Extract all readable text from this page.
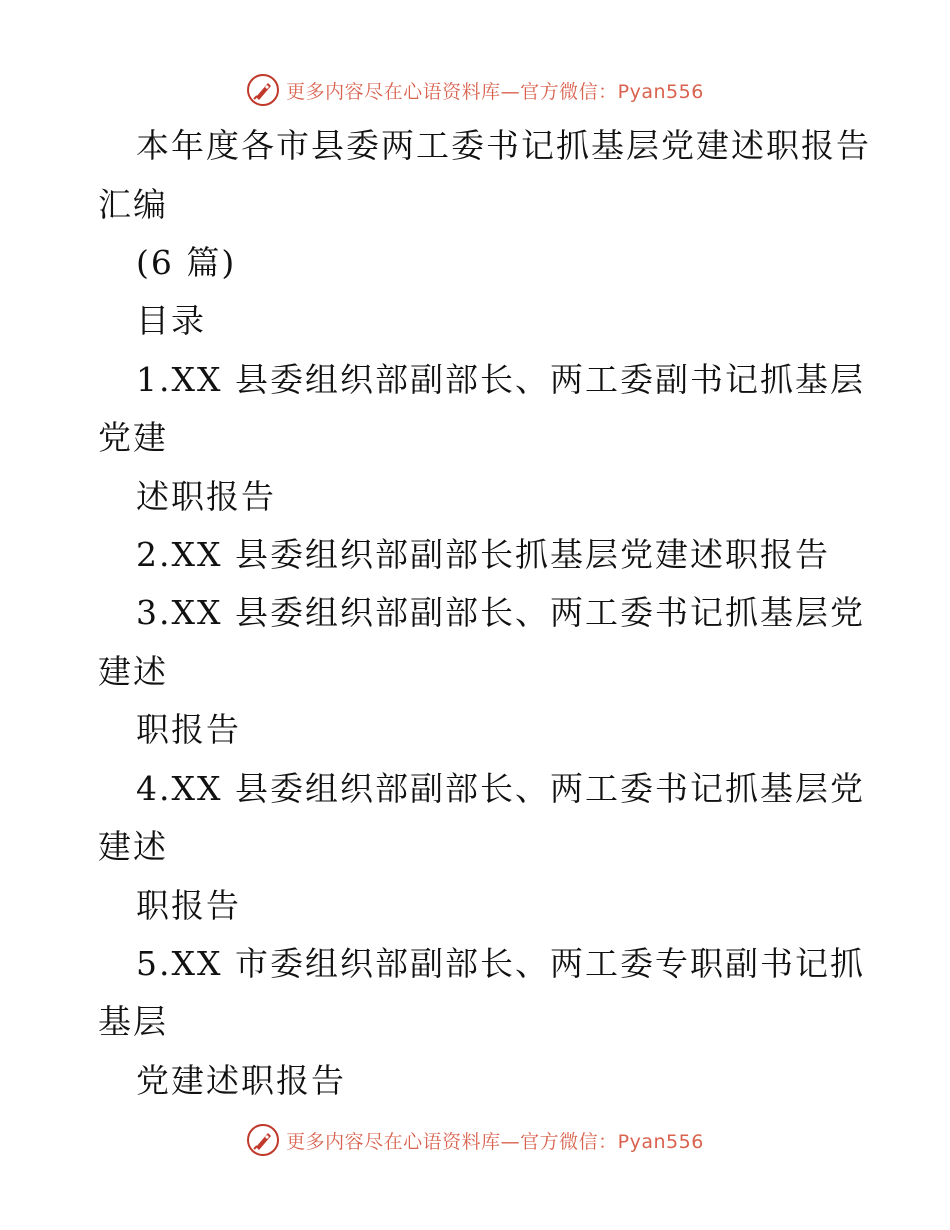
更多内容尽在心语资料库—官方微信：Pyan556
本年度各市县委两工委书记抓基层党建述职报告
汇编
(6 篇)
目录
1.XX 县委组织部副部长、两工委副书记抓基层
党建
述职报告
2.XX 县委组织部副部长抓基层党建述职报告
3.XX 县委组织部副部长、两工委书记抓基层党
建述
职报告
4.XX 县委组织部副部长、两工委书记抓基层党
建述
职报告
5.XX 市委组织部副部长、两工委专职副书记抓
基层
党建述职报告
更多内容尽在心语资料库—官方微信：Pyan556
